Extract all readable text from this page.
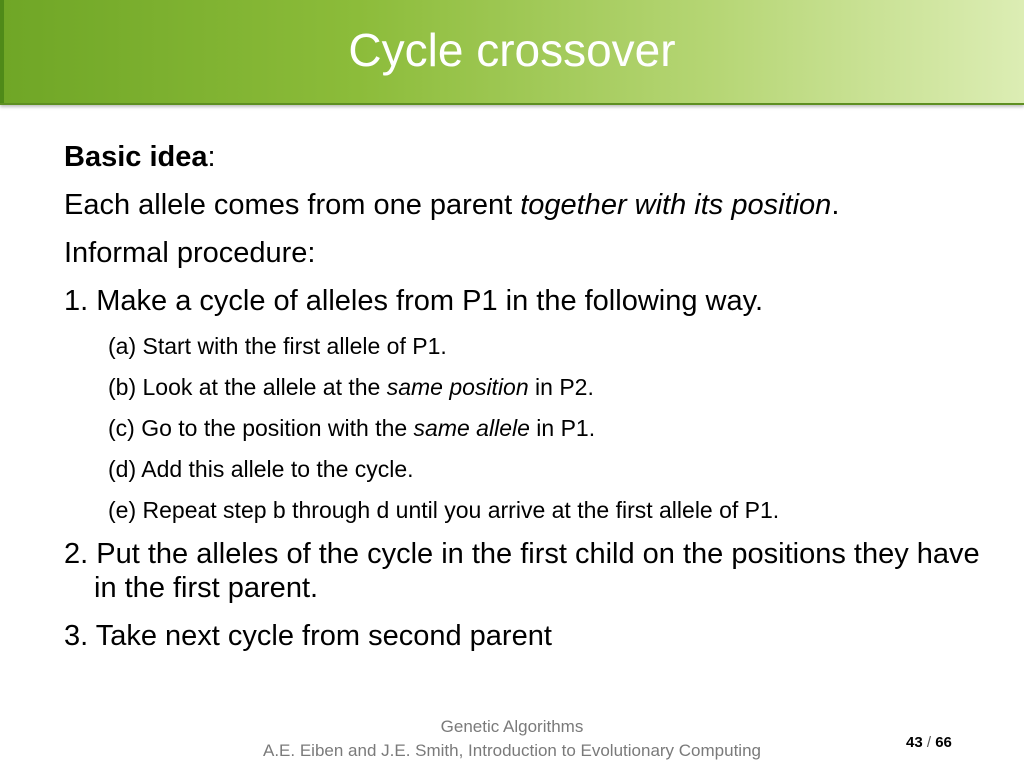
Cycle crossover

Basic idea:

Each allele comes from one parent together with its position.

Informal procedure:

1. Make a cycle of alleles from P1 in the following way.

(a) Start with the first allele of P1.

(b) Look at the allele at the same position in P2.

(c) Go to the position with the same allele in P1.

(d) Add this allele to the cycle.

(e) Repeat step b through d until you arrive at the first allele of P1.

2. Put the alleles of the cycle in the first child on the positions they have in the first parent.

3. Take next cycle from second parent

Genetic Algorithms
A.E. Eiben and J.E. Smith, Introduction to Evolutionary Computing	43 / 66
